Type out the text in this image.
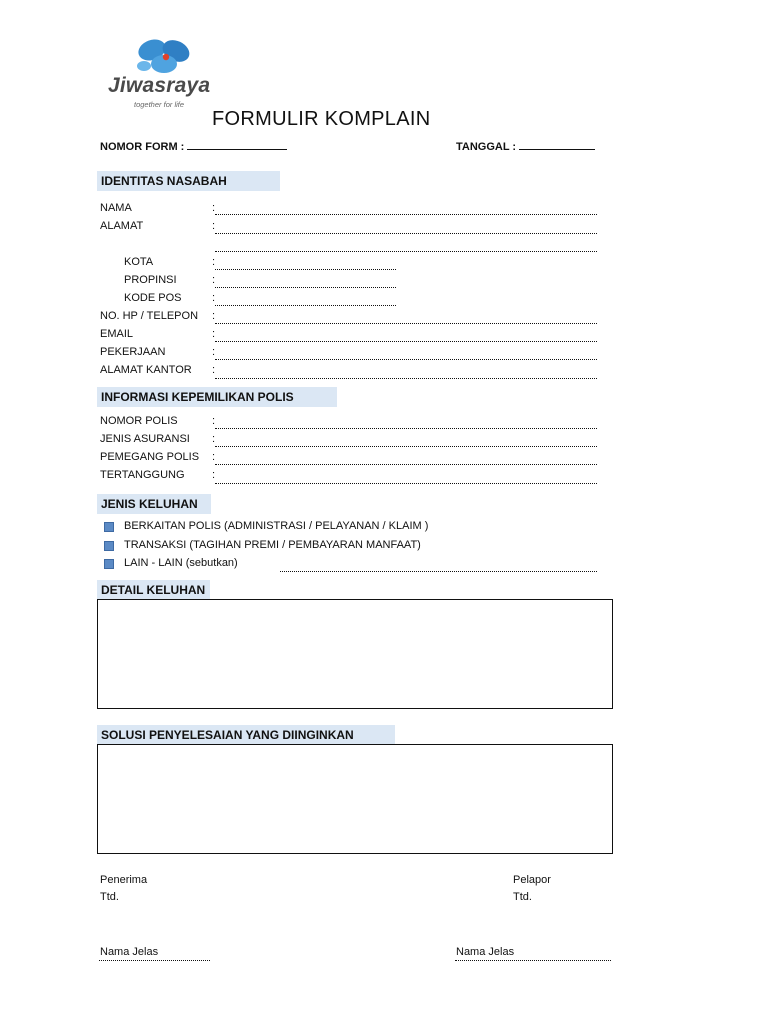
Jiwasraya
together for life
FORMULIR KOMPLAIN
NOMOR FORM :	TANGGAL :
IDENTITAS NASABAH
NAMA	:
ALAMAT	:
KOTA	:
PROPINSI	:
KODE POS	:
NO. HP / TELEPON :
EMAIL	:
PEKERJAAN	:
ALAMAT KANTOR :
INFORMASI KEPEMILIKAN POLIS
NOMOR POLIS	:
JENIS ASURANSI :
PEMEGANG POLIS :
TERTANGGUNG :
JENIS KELUHAN
BERKAITAN POLIS (ADMINISTRASI / PELAYANAN / KLAIM )
TRANSAKSI (TAGIHAN PREMI / PEMBAYARAN MANFAAT)
LAIN - LAIN (sebutkan)
DETAIL KELUHAN
SOLUSI PENYELESAIAN YANG DIINGINKAN
Penerima
Ttd.
Pelapor
Ttd.
Nama Jelas	Nama Jelas
